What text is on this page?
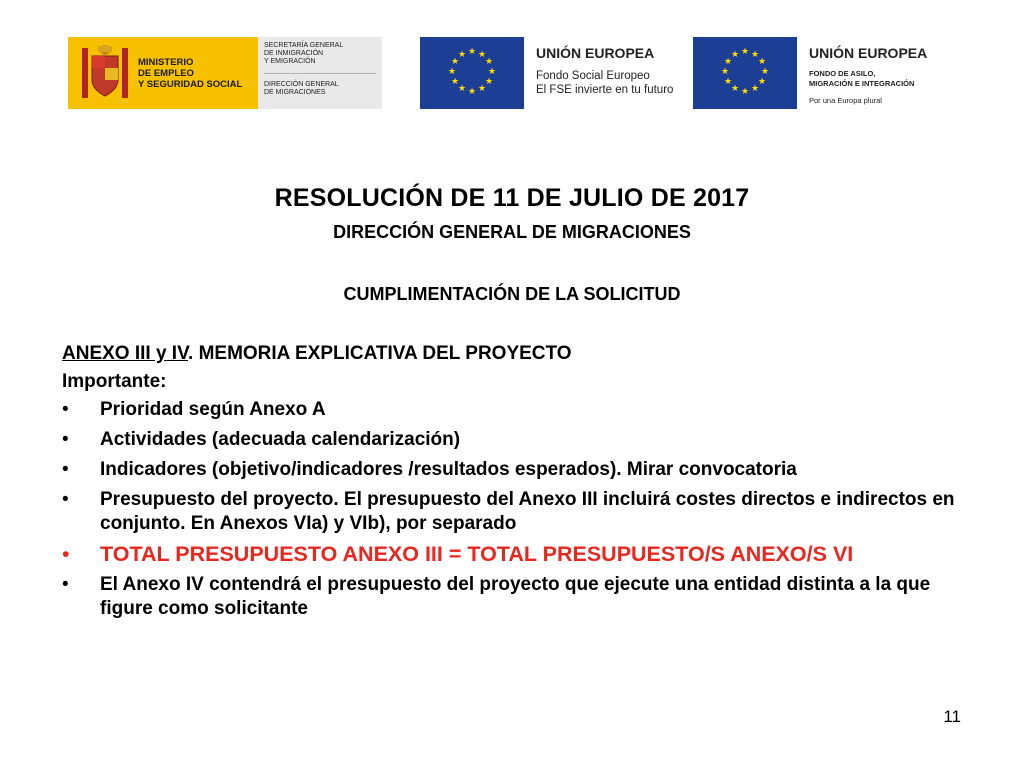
MINISTERIO
DE EMPLEO
Y SEGURIDAD SOCIAL
SECRETARÍA GENERAL
DE INMIGRACIÓN
Y EMIGRACIÓN
DIRECCIÓN GENERAL
DE MIGRACIONES
★ ★
★
★
★
★
★
★
★
★
★
★	UNIÓN EUROPEA
Fondo Social Europeo
El FSE invierte en tu futuro
★ ★
★
★
★
★
★
★
★
★
★
★	UNIÓN EUROPEA
FONDO DE ASILO,
MIGRACIÓN E INTEGRACIÓN
Por una Europa plural
RESOLUCIÓN DE 11 DE JULIO DE 2017
DIRECCIÓN GENERAL DE MIGRACIONES
CUMPLIMENTACIÓN DE LA SOLICITUD

ANEXO III y IV. MEMORIA EXPLICATIVA DEL PROYECTO

Importante:

• Prioridad según Anexo A
• Actividades (adecuada calendarización)
• Indicadores (objetivo/indicadores /resultados esperados). Mirar convocatoria
• Presupuesto del proyecto. El presupuesto del Anexo III incluirá costes directos e indirectos en conjunto. En Anexos VIa) y VIb), por separado
• TOTAL PRESUPUESTO ANEXO III = TOTAL PRESUPUESTO/S ANEXO/S VI
• El Anexo IV contendrá el presupuesto del proyecto que ejecute una entidad distinta a la que figure como solicitante
11
